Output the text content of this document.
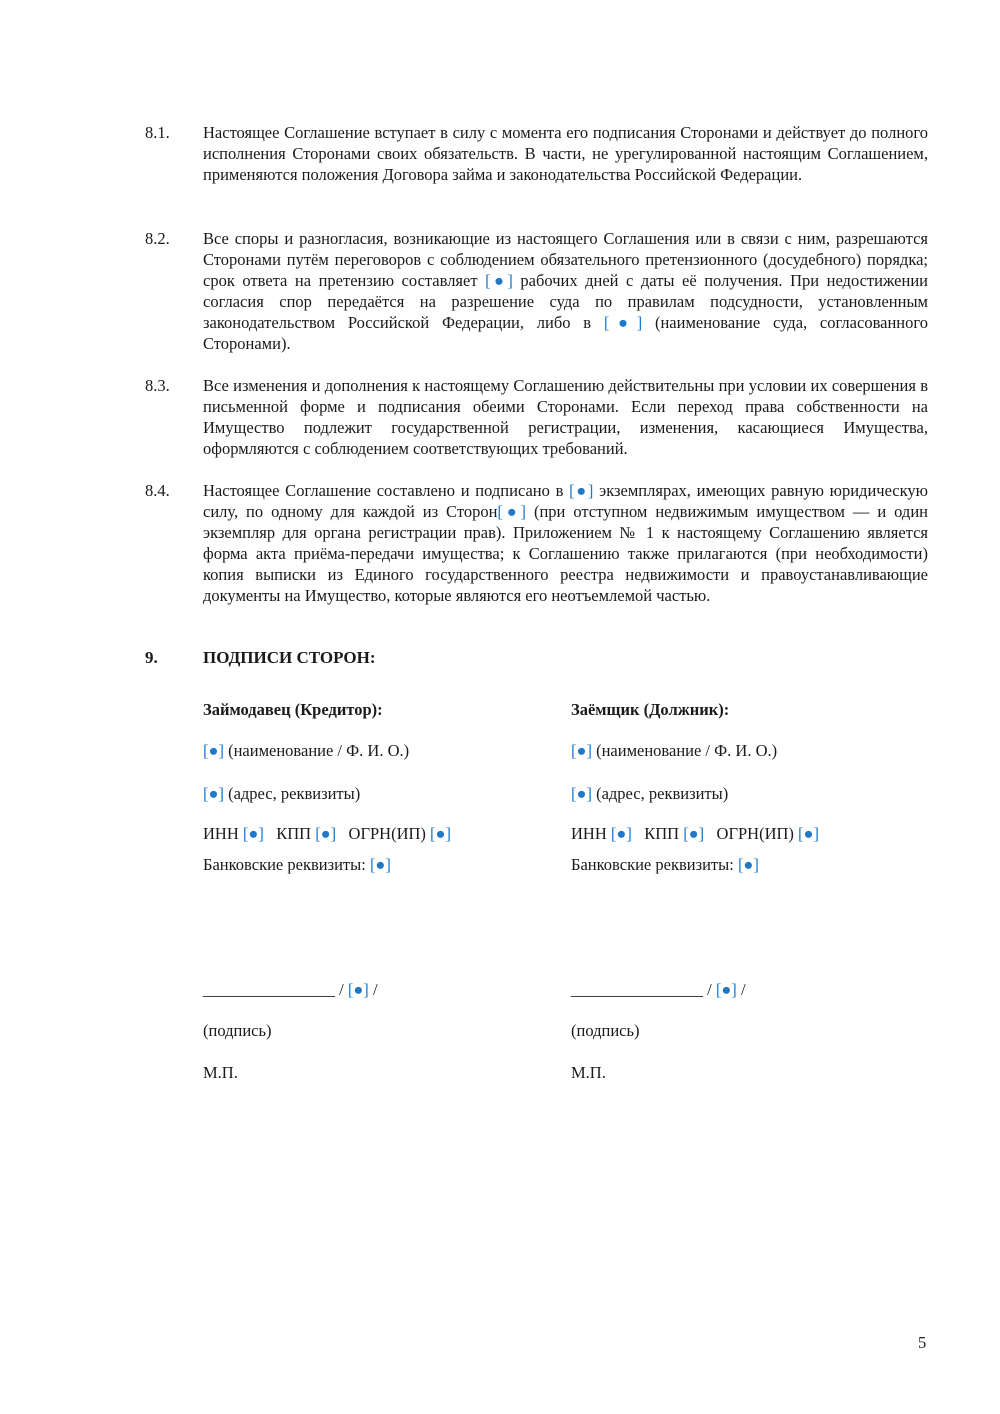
8.1. Настоящее Соглашение вступает в силу с момента его подписания Сторонами и действует до полного исполнения Сторонами своих обязательств. В части, не урегулированной настоящим Соглашением, применяются положения Договора займа и законодательства Российской Федерации.
8.2. Все споры и разногласия, возникающие из настоящего Соглашения или в связи с ним, разрешаются Сторонами путём переговоров с соблюдением обязательного претензионного (досудебного) порядка; срок ответа на претензию составляет [●] рабочих дней с даты её получения. При недостижении согласия спор передаётся на разрешение суда по правилам подсудности, установленным законодательством Российской Федерации, либо в [●] (наименование суда, согласованного Сторонами).
8.3. Все изменения и дополнения к настоящему Соглашению действительны при условии их совершения в письменной форме и подписания обеими Сторонами. Если переход права собственности на Имущество подлежит государственной регистрации, изменения, касающиеся Имущества, оформляются с соблюдением соответствующих требований.
8.4. Настоящее Соглашение составлено и подписано в [●] экземплярах, имеющих равную юридическую силу, по одному для каждой из Сторон[●] (при отступном недвижимым имуществом — и один экземпляр для органа регистрации прав). Приложением № 1 к настоящему Соглашению является форма акта приёма-передачи имущества; к Соглашению также прилагаются (при необходимости) копия выписки из Единого государственного реестра недвижимости и правоустанавливающие документы на Имущество, которые являются его неотъемлемой частью.
9.	ПОДПИСИ СТОРОН:
Займодавец (Кредитор):
[●] (наименование / Ф. И. О.)
[●] (адрес, реквизиты)
ИНН [●] КПП [●] ОГРН(ИП) [●]
Банковские реквизиты: [●]
________________ / [●] /
(подпись)
М.П.
Заёмщик (Должник):
[●] (наименование / Ф. И. О.)
[●] (адрес, реквизиты)
ИНН [●] КПП [●] ОГРН(ИП) [●]
Банковские реквизиты: [●]
________________ / [●] /
(подпись)
М.П.
5
